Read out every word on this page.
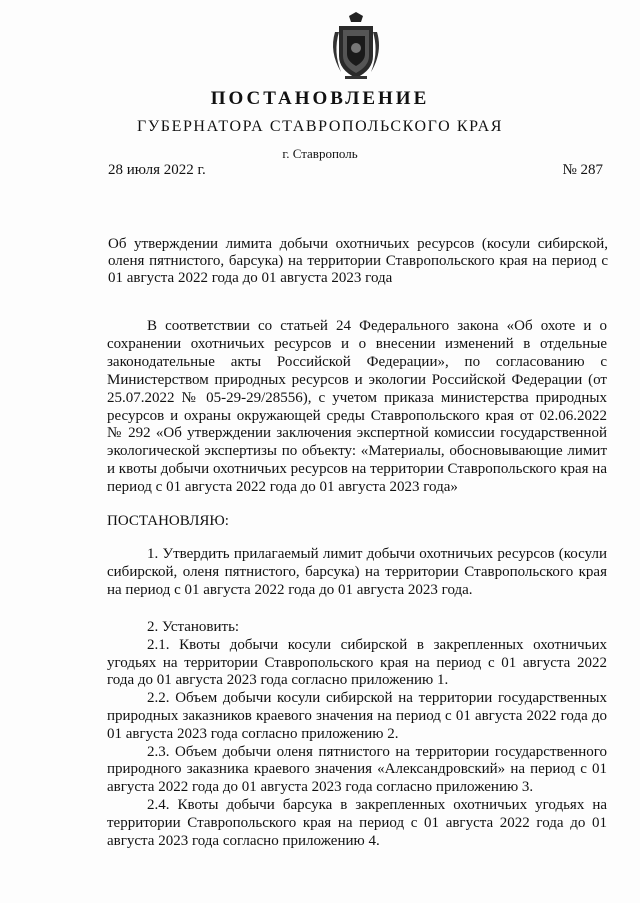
ПОСТАНОВЛЕНИЕ
ГУБЕРНАТОРА СТАВРОПОЛЬСКОГО КРАЯ
г. Ставрополь
28 июля 2022 г.	№ 287
Об утверждении лимита добычи охотничьих ресурсов (косули сибирской, оленя пятнистого, барсука) на территории Ставропольского края на период с 01 августа 2022 года до 01 августа 2023 года
В соответствии со статьей 24 Федерального закона «Об охоте и о сохранении охотничьих ресурсов и о внесении изменений в отдельные законодательные акты Российской Федерации», по согласованию с Министерством природных ресурсов и экологии Российской Федерации (от 25.07.2022 № 05-29-29/28556), с учетом приказа министерства природных ресурсов и охраны окружающей среды Ставропольского края от 02.06.2022 № 292 «Об утверждении заключения экспертной комиссии государственной экологической экспертизы по объекту: «Материалы, обосновывающие лимит и квоты добычи охотничьих ресурсов на территории Ставропольского края на период с 01 августа 2022 года до 01 августа 2023 года»
ПОСТАНОВЛЯЮ:

1. Утвердить прилагаемый лимит добычи охотничьих ресурсов (косули сибирской, оленя пятнистого, барсука) на территории Ставропольского края на период с 01 августа 2022 года до 01 августа 2023 года.

2. Установить:

2.1. Квоты добычи косули сибирской в закрепленных охотничьих угодьях на территории Ставропольского края на период с 01 августа 2022 года до 01 августа 2023 года согласно приложению 1.

2.2. Объем добычи косули сибирской на территории государственных природных заказников краевого значения на период с 01 августа 2022 года до 01 августа 2023 года согласно приложению 2.

2.3. Объем добычи оленя пятнистого на территории государственного природного заказника краевого значения «Александровский» на период с 01 августа 2022 года до 01 августа 2023 года согласно приложению 3.

2.4. Квоты добычи барсука в закрепленных охотничьих угодьях на территории Ставропольского края на период с 01 августа 2022 года до 01 августа 2023 года согласно приложению 4.
